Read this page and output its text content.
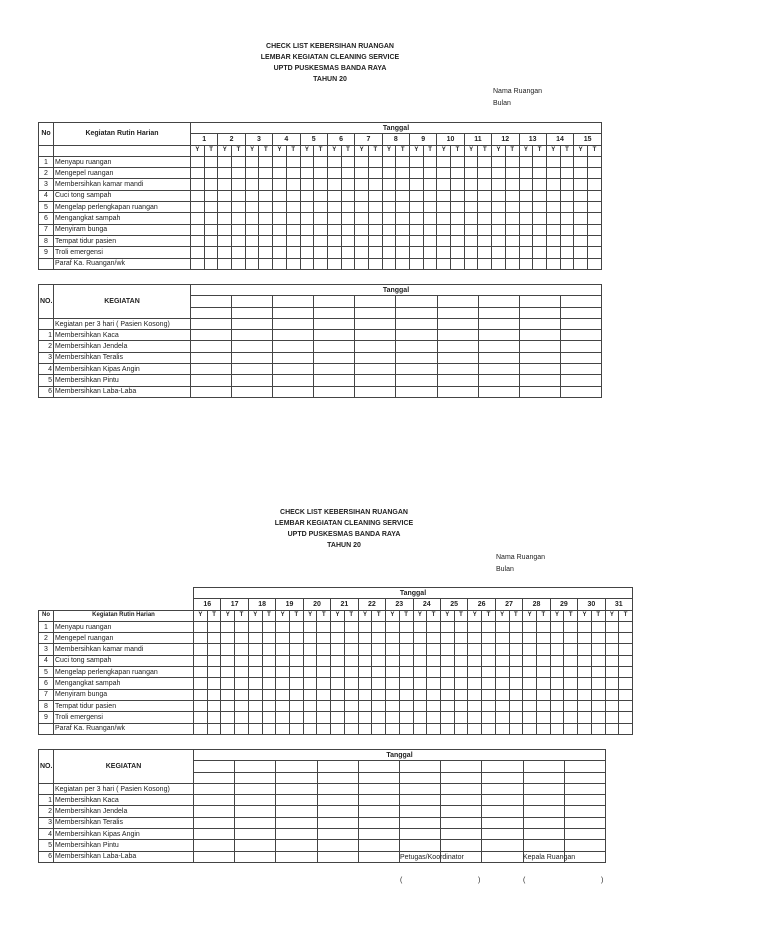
CHECK LIST KEBERSIHAN RUANGAN
LEMBAR KEGIATAN CLEANING SERVICE
UPTD PUSKESMAS BANDA RAYA
TAHUN 20
Nama Ruangan
Bulan
No	Kegiatan Rutin Harian	Tanggal																													
		1		2		3		4		5		6		7		8		9		10		11		12		13		14		15	
		Y	T	Y	T	Y	T	Y	T	Y	T	Y	T	Y	T	Y	T	Y	T	Y	T	Y	T	Y	T	Y	T	Y	T	Y	T
1	Menyapu ruangan																														
2	Mengepel ruangan																														
3	Membersihkan kamar mandi																														
4	Cuci tong sampah																														
5	Mengelap perlengkapan ruangan																														
6	Mengangkat sampah																														
7	Menyiram bunga																														
8	Tempat tidur pasien																														
9	Troli emergensi																														
	Paraf Ka. Ruangan/wk																														
NO.	KEGIATAN	Tanggal									

	Kegiatan per 3 hari ( Pasien Kosong)										
1	Membersihkan Kaca										
2	Membersihkan Jendela										
3	Membersihkan Teralis										
4	Membersihkan Kipas Angin										
5	Membersihkan Pintu										
6	Membersihkan Laba-Laba										
CHECK LIST KEBERSIHAN RUANGAN
LEMBAR KEGIATAN CLEANING SERVICE
UPTD PUSKESMAS BANDA RAYA
TAHUN 20
Nama Ruangan
Bulan
		Tanggal																															
		16		17		18		19		20		21		22		23		24		25		26		27		28		29		30		31	
No	Kegiatan Rutin Harian	Y	T	Y	T	Y	T	Y	T	Y	T	Y	T	Y	T	Y	T	Y	T	Y	T	Y	T	Y	T	Y	T	Y	T	Y	T	Y	T
1	Menyapu ruangan																																
2	Mengepel ruangan																																
3	Membersihkan kamar mandi																																
4	Cuci tong sampah																																
5	Mengelap perlengkapan ruangan																																
6	Mengangkat sampah																																
7	Menyiram bunga																																
8	Tempat tidur pasien																																
9	Troli emergensi																																
	Paraf Ka. Ruangan/wk																																
NO.	KEGIATAN	Tanggal									

	Kegiatan per 3 hari ( Pasien Kosong)										
1	Membersihkan Kaca										
2	Membersihkan Jendela										
3	Membersihkan Teralis										
4	Membersihkan Kipas Angin										
5	Membersihkan Pintu										
6	Membersihkan Laba-Laba											Petugas/Koordinator	Kepala Ruangan
(	)	(	)
